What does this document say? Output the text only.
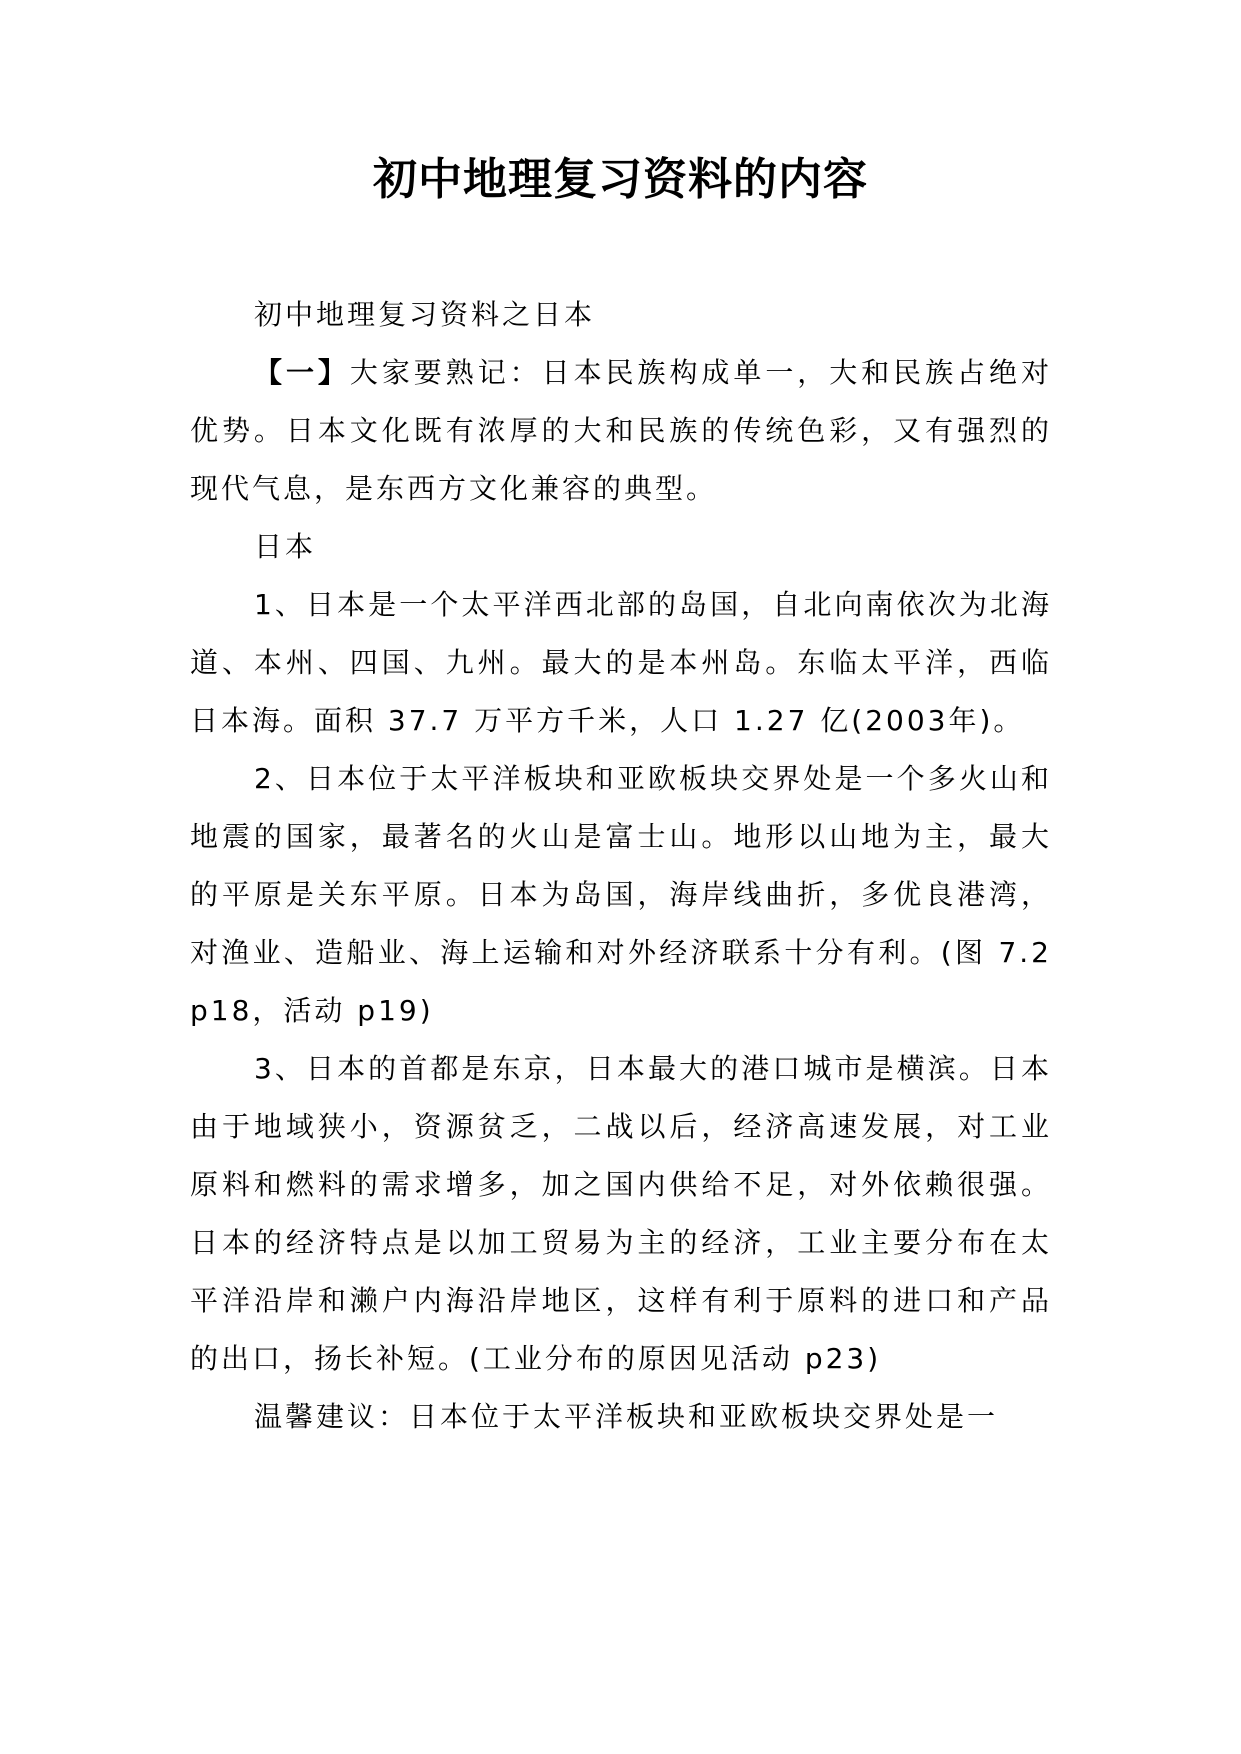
初中地理复习资料的内容

初中地理复习资料之日本

【一】大家要熟记：日本民族构成单一，大和民族占绝对优势。日本文化既有浓厚的大和民族的传统色彩，又有强烈的现代气息，是东西方文化兼容的典型。

日本

1、日本是一个太平洋西北部的岛国，自北向南依次为北海道、本州、四国、九州。最大的是本州岛。东临太平洋，西临日本海。面积 37.7 万平方千米，人口 1.27 亿(2003年)。

2、日本位于太平洋板块和亚欧板块交界处是一个多火山和地震的国家，最著名的火山是富士山。地形以山地为主，最大的平原是关东平原。日本为岛国，海岸线曲折，多优良港湾，对渔业、造船业、海上运输和对外经济联系十分有利。(图 7.2 p18，活动 p19)

3、日本的首都是东京，日本最大的港口城市是横滨。日本由于地域狭小，资源贫乏，二战以后，经济高速发展，对工业原料和燃料的需求增多，加之国内供给不足，对外依赖很强。日本的经济特点是以加工贸易为主的经济，工业主要分布在太平洋沿岸和濑户内海沿岸地区，这样有利于原料的进口和产品的出口，扬长补短。(工业分布的原因见活动 p23)

温馨建议：日本位于太平洋板块和亚欧板块交界处是一
